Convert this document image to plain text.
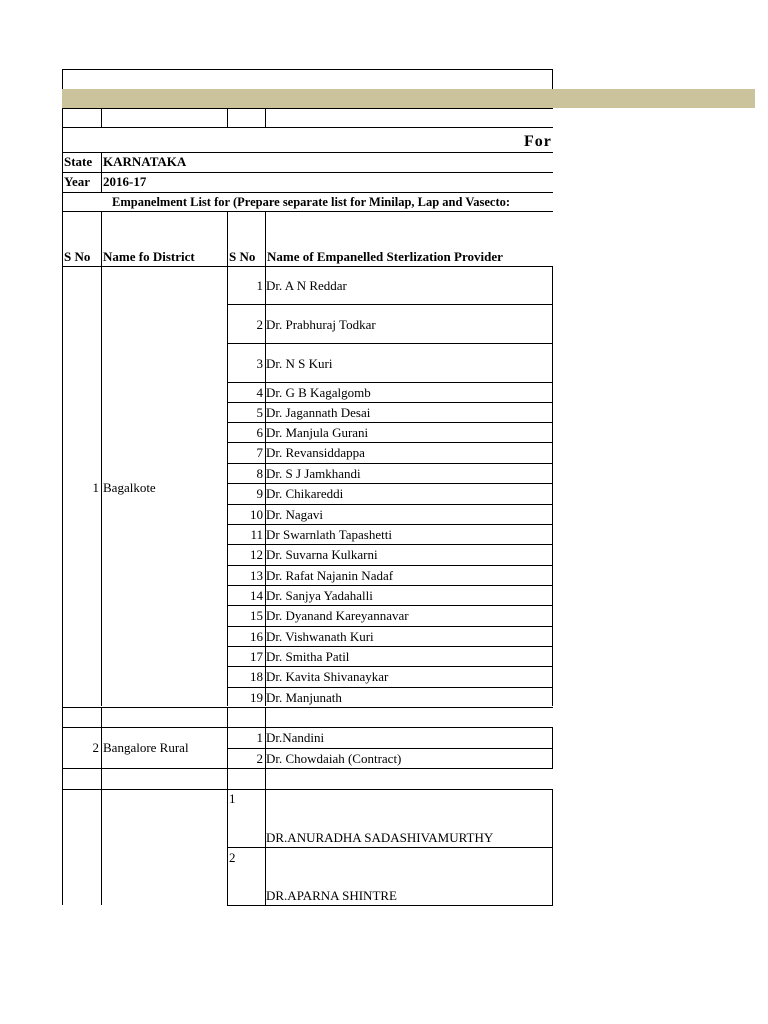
For
State KARNATAKA
Year 2016-17
Empanelment List for (Prepare separate list for Minilap, Lap and Vasecto:
S No Name fo District	S No Name of Empanelled Sterlization Provider
1 Bagalkote
1 Dr. A N Reddar
2 Dr. Prabhuraj Todkar
3 Dr. N S Kuri
4 Dr. G B Kagalgomb
5 Dr. Jagannath Desai
6 Dr. Manjula Gurani
7 Dr. Revansiddappa
8 Dr. S J Jamkhandi
9 Dr. Chikareddi
10 Dr. Nagavi
11 Dr Swarnlath Tapashetti
12 Dr. Suvarna Kulkarni
13 Dr. Rafat Najanin Nadaf
14 Dr. Sanjya Yadahalli
15 Dr. Dyanand Kareyannavar
16 Dr. Vishwanath Kuri
17 Dr. Smitha Patil
18 Dr. Kavita Shivanaykar
19 Dr. Manjunath
2 Bangalore Rural
1 Dr.Nandini
2 Dr. Chowdaiah (Contract)
1
DR.ANURADHA SADASHIVAMURTHY
2
DR.APARNA SHINTRE
